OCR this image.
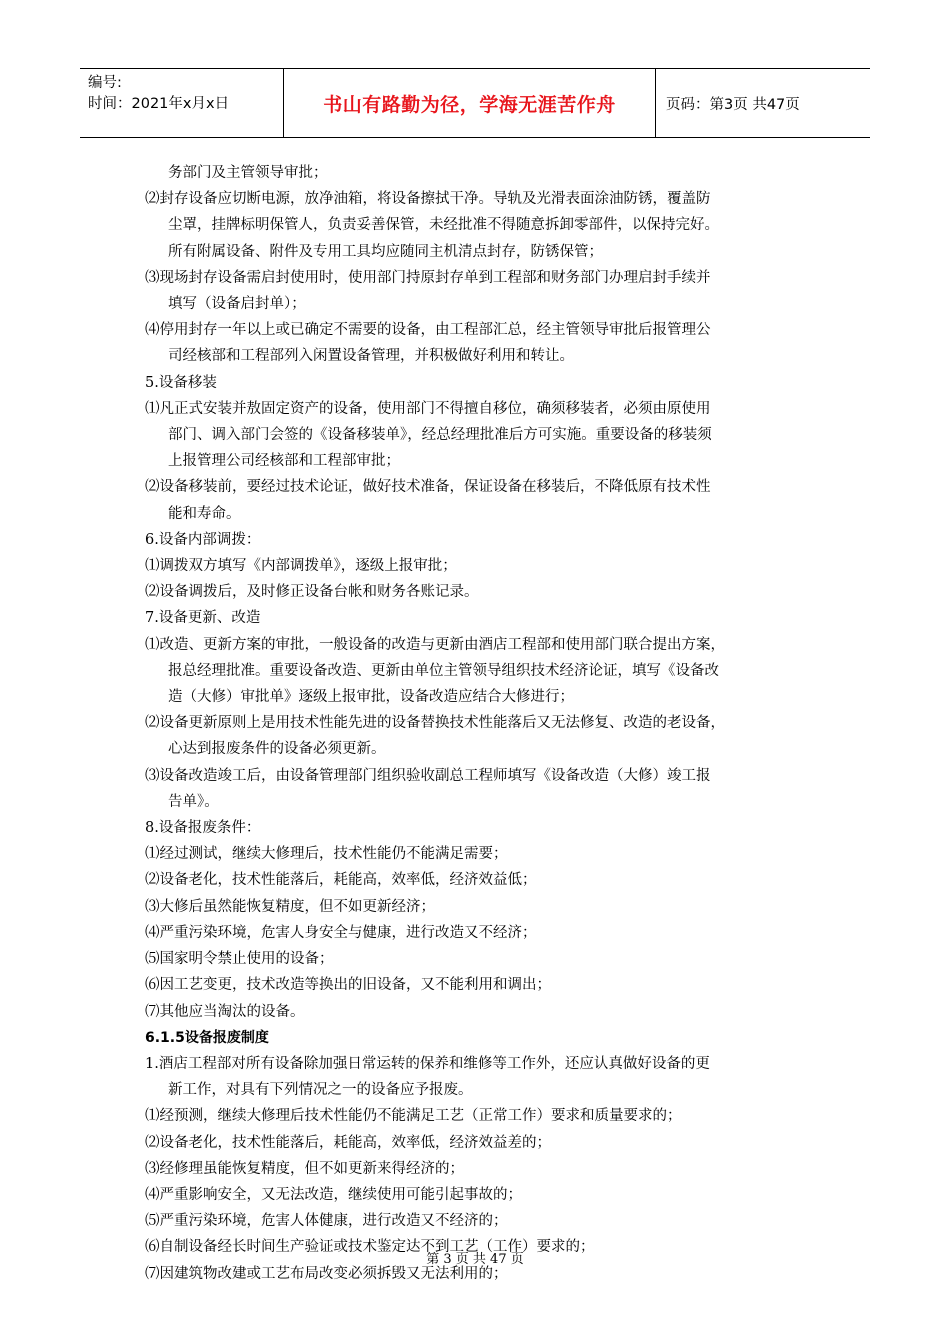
编号:
时间：2021年x月x日	书山有路勤为径，学海无涯苦作舟	页码：第3页 共47页
务部门及主管领导审批；
⑵封存设备应切断电源，放净油箱，将设备擦拭干净。导轨及光滑表面涂油防锈，覆盖防
尘罩，挂牌标明保管人，负责妥善保管，未经批准不得随意拆卸零部件，以保持完好。
所有附属设备、附件及专用工具均应随同主机清点封存，防锈保管；
⑶现场封存设备需启封使用时，使用部门持原封存单到工程部和财务部门办理启封手续并
填写（设备启封单）；
⑷停用封存一年以上或已确定不需要的设备，由工程部汇总，经主管领导审批后报管理公
司经核部和工程部列入闲置设备管理，并积极做好利用和转让。
5.设备移装
⑴凡正式安装并敖固定资产的设备，使用部门不得擅自移位，确须移装者，必须由原使用
部门、调入部门会签的《设备移装单》，经总经理批准后方可实施。重要设备的移装须
上报管理公司经核部和工程部审批；
⑵设备移装前，要经过技术论证，做好技术准备，保证设备在移装后，不降低原有技术性
能和寿命。
6.设备内部调拨：
⑴调拨双方填写《内部调拨单》，逐级上报审批；
⑵设备调拨后，及时修正设备台帐和财务各账记录。
7.设备更新、改造
⑴改造、更新方案的审批，一般设备的改造与更新由酒店工程部和使用部门联合提出方案，
报总经理批准。重要设备改造、更新由单位主管领导组织技术经济论证，填写《设备改
造（大修）审批单》逐级上报审批，设备改造应结合大修进行；
⑵设备更新原则上是用技术性能先进的设备替换技术性能落后又无法修复、改造的老设备，
心达到报废条件的设备必须更新。
⑶设备改造竣工后，由设备管理部门组织验收副总工程师填写《设备改造（大修）竣工报
告单》。
8.设备报废条件：
⑴经过测试，继续大修理后，技术性能仍不能满足需要；
⑵设备老化，技术性能落后，耗能高，效率低，经济效益低；
⑶大修后虽然能恢复精度，但不如更新经济；
⑷严重污染环境，危害人身安全与健康，进行改造又不经济；
⑸国家明令禁止使用的设备；
⑹因工艺变更，技术改造等换出的旧设备，又不能利用和调出；
⑺其他应当淘汰的设备。
6.1.5设备报废制度
1.酒店工程部对所有设备除加强日常运转的保养和维修等工作外，还应认真做好设备的更
新工作，对具有下列情况之一的设备应予报废。
⑴经预测，继续大修理后技术性能仍不能满足工艺（正常工作）要求和质量要求的；
⑵设备老化，技术性能落后，耗能高，效率低，经济效益差的；
⑶经修理虽能恢复精度，但不如更新来得经济的；
⑷严重影响安全，又无法改造，继续使用可能引起事故的；
⑸严重污染环境，危害人体健康，进行改造又不经济的；
⑹自制设备经长时间生产验证或技术鉴定达不到工艺（工作）要求的；
⑺因建筑物改建或工艺布局改变必须拆毁又无法利用的；
第 3 页 共 47 页
